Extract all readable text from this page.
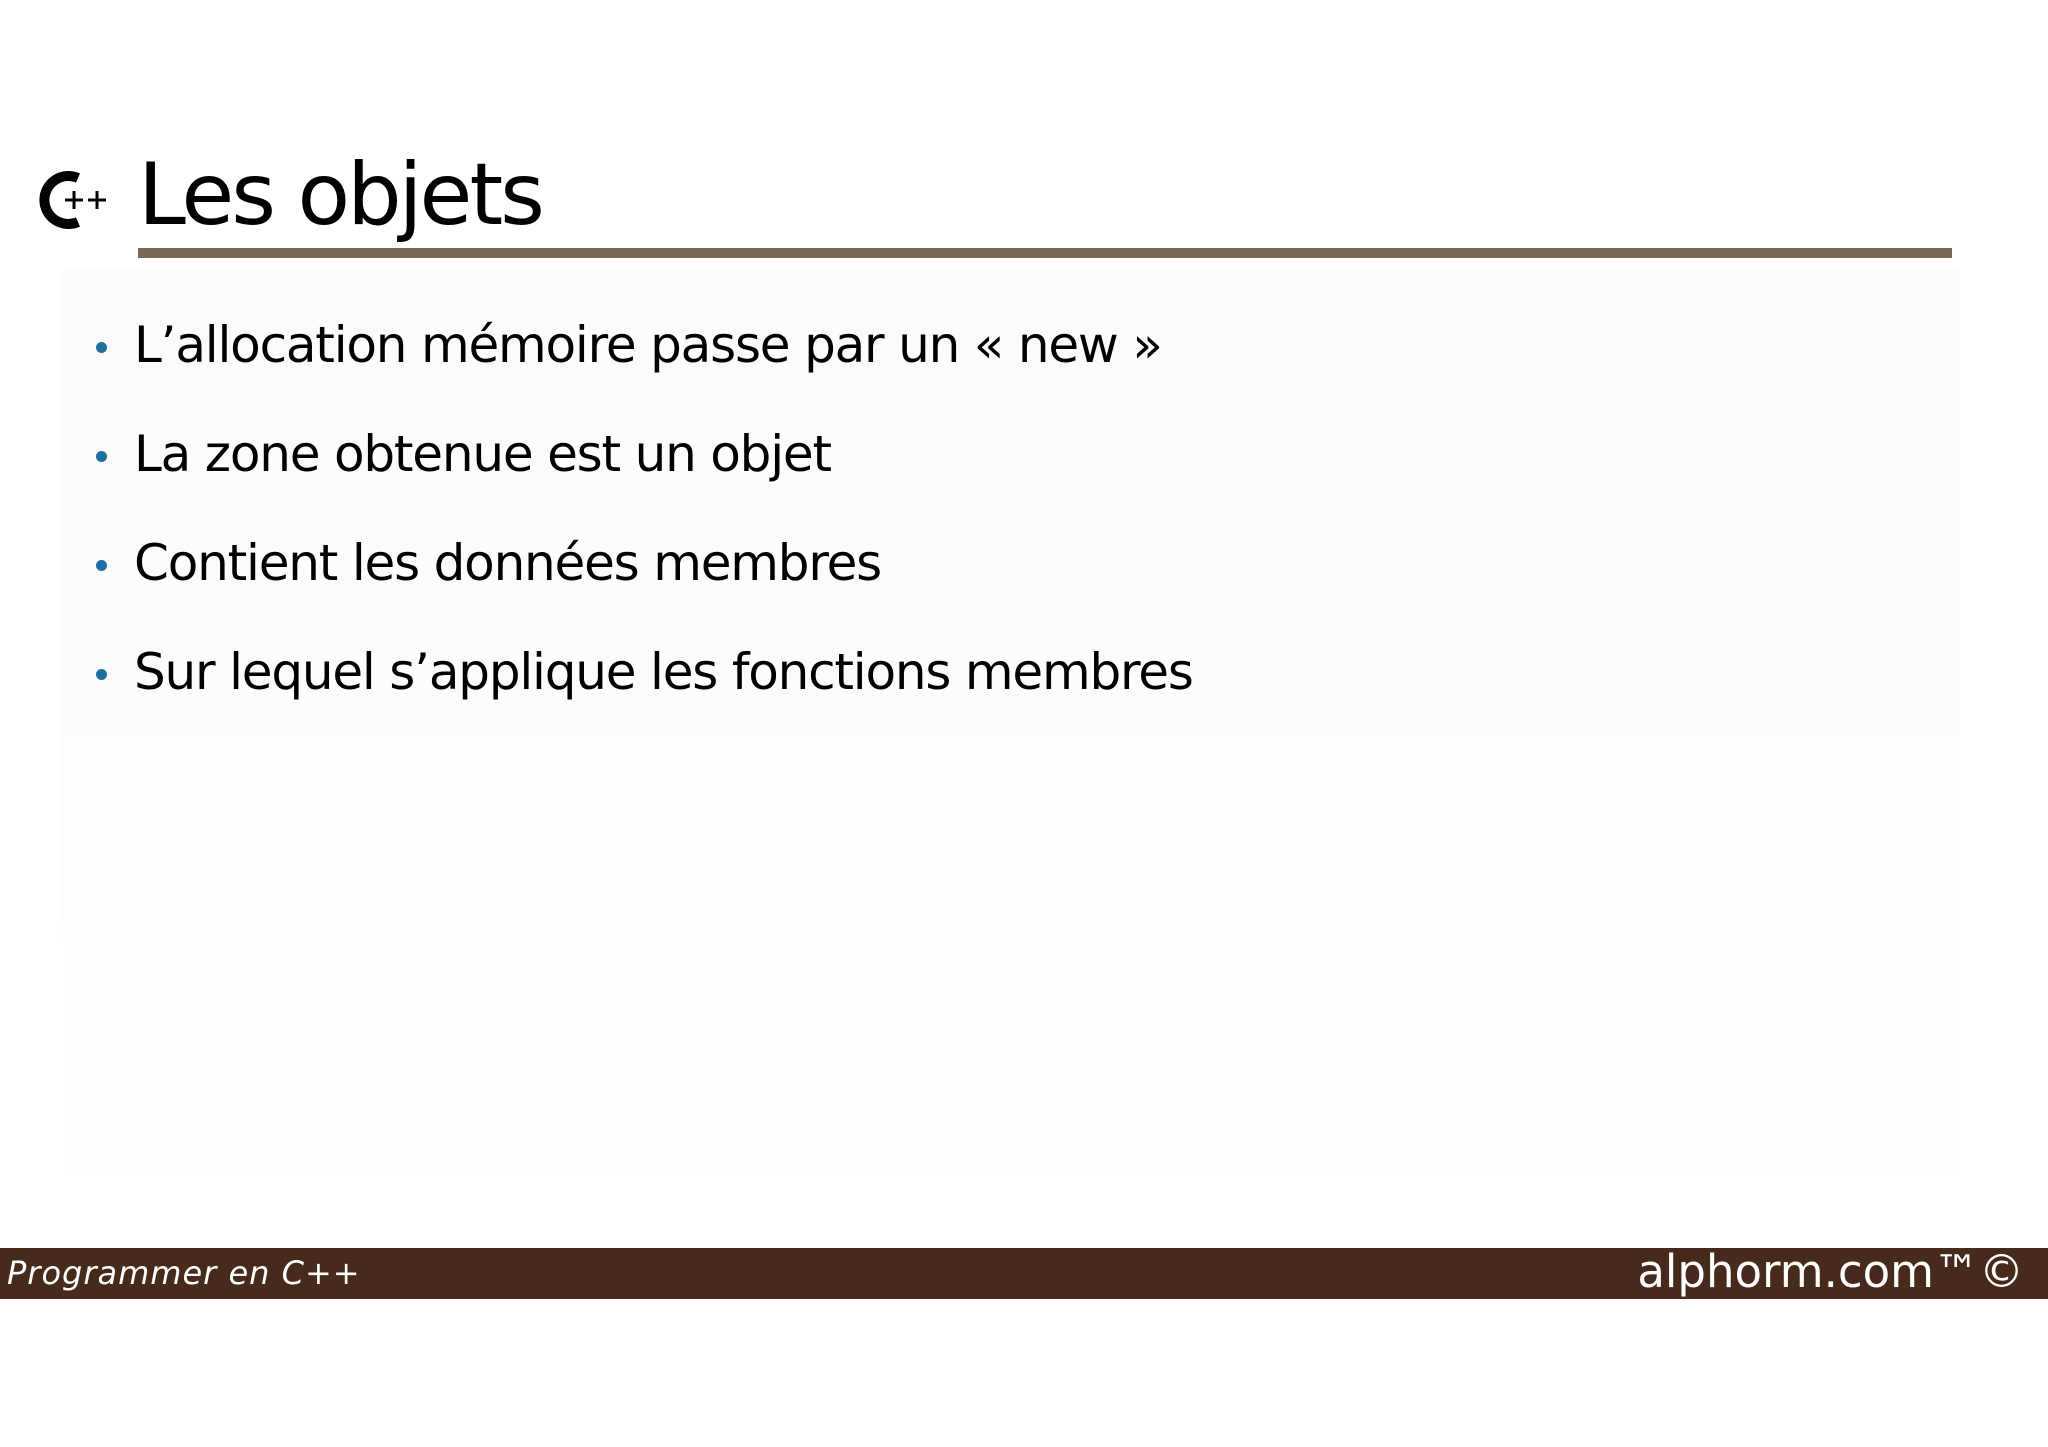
Les objets
L’allocation mémoire passe par un « new »
La zone obtenue est un objet
Contient les données membres
Sur lequel s’applique les fonctions membres
Programmer en C++	alphorm.com™©
